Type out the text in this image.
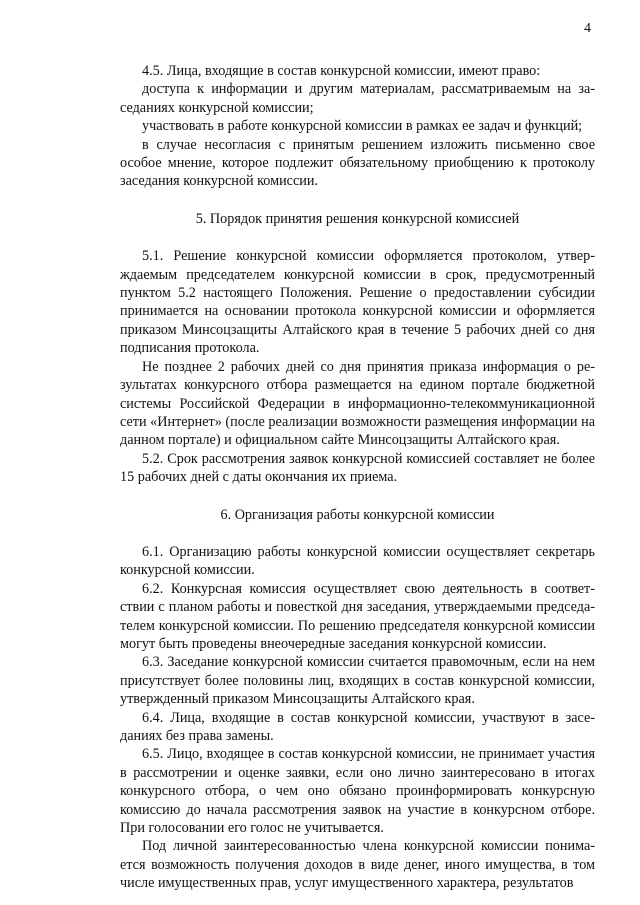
4

4.5. Лица, входящие в состав конкурсной комиссии, имеют право:

доступа к информации и другим материалам, рассматриваемым на заседаниях конкурсной комиссии;

участвовать в работе конкурсной комиссии в рамках ее задач и функций;

в случае несогласия с принятым решением изложить письменно свое особое мнение, которое подлежит обязательному приобщению к протоколу заседания конкурсной комиссии.

5. Порядок принятия решения конкурсной комиссией

5.1. Решение конкурсной комиссии оформляется протоколом, утверждаемым председателем конкурсной комиссии в срок, предусмотренный пунктом 5.2 настоящего Положения. Решение о предоставлении субсидии принимается на основании протокола конкурсной комиссии и оформляется приказом Минсоцзащиты Алтайского края в течение 5 рабочих дней со дня подписания протокола.

Не позднее 2 рабочих дней со дня принятия приказа информация о результатах конкурсного отбора размещается на едином портале бюджетной системы Российской Федерации в информационно-телекоммуникационной сети «Интернет» (после реализации возможности размещения информации на данном портале) и официальном сайте Минсоцзащиты Алтайского края.

5.2. Срок рассмотрения заявок конкурсной комиссией составляет не более 15 рабочих дней с даты окончания их приема.

6. Организация работы конкурсной комиссии

6.1. Организацию работы конкурсной комиссии осуществляет секретарь конкурсной комиссии.

6.2. Конкурсная комиссия осуществляет свою деятельность в соответствии с планом работы и повесткой дня заседания, утверждаемыми председателем конкурсной комиссии. По решению председателя конкурсной комиссии могут быть проведены внеочередные заседания конкурсной комиссии.

6.3. Заседание конкурсной комиссии считается правомочным, если на нем присутствует более половины лиц, входящих в состав конкурсной комиссии, утвержденный приказом Минсоцзащиты Алтайского края.

6.4. Лица, входящие в состав конкурсной комиссии, участвуют в заседаниях без права замены.

6.5. Лицо, входящее в состав конкурсной комиссии, не принимает участия в рассмотрении и оценке заявки, если оно лично заинтересовано в итогах конкурсного отбора, о чем оно обязано проинформировать конкурсную комиссию до начала рассмотрения заявок на участие в конкурсном отборе. При голосовании его голос не учитывается.

Под личной заинтересованностью члена конкурсной комиссии понимается возможность получения доходов в виде денег, иного имущества, в том числе имущественных прав, услуг имущественного характера, результатов
